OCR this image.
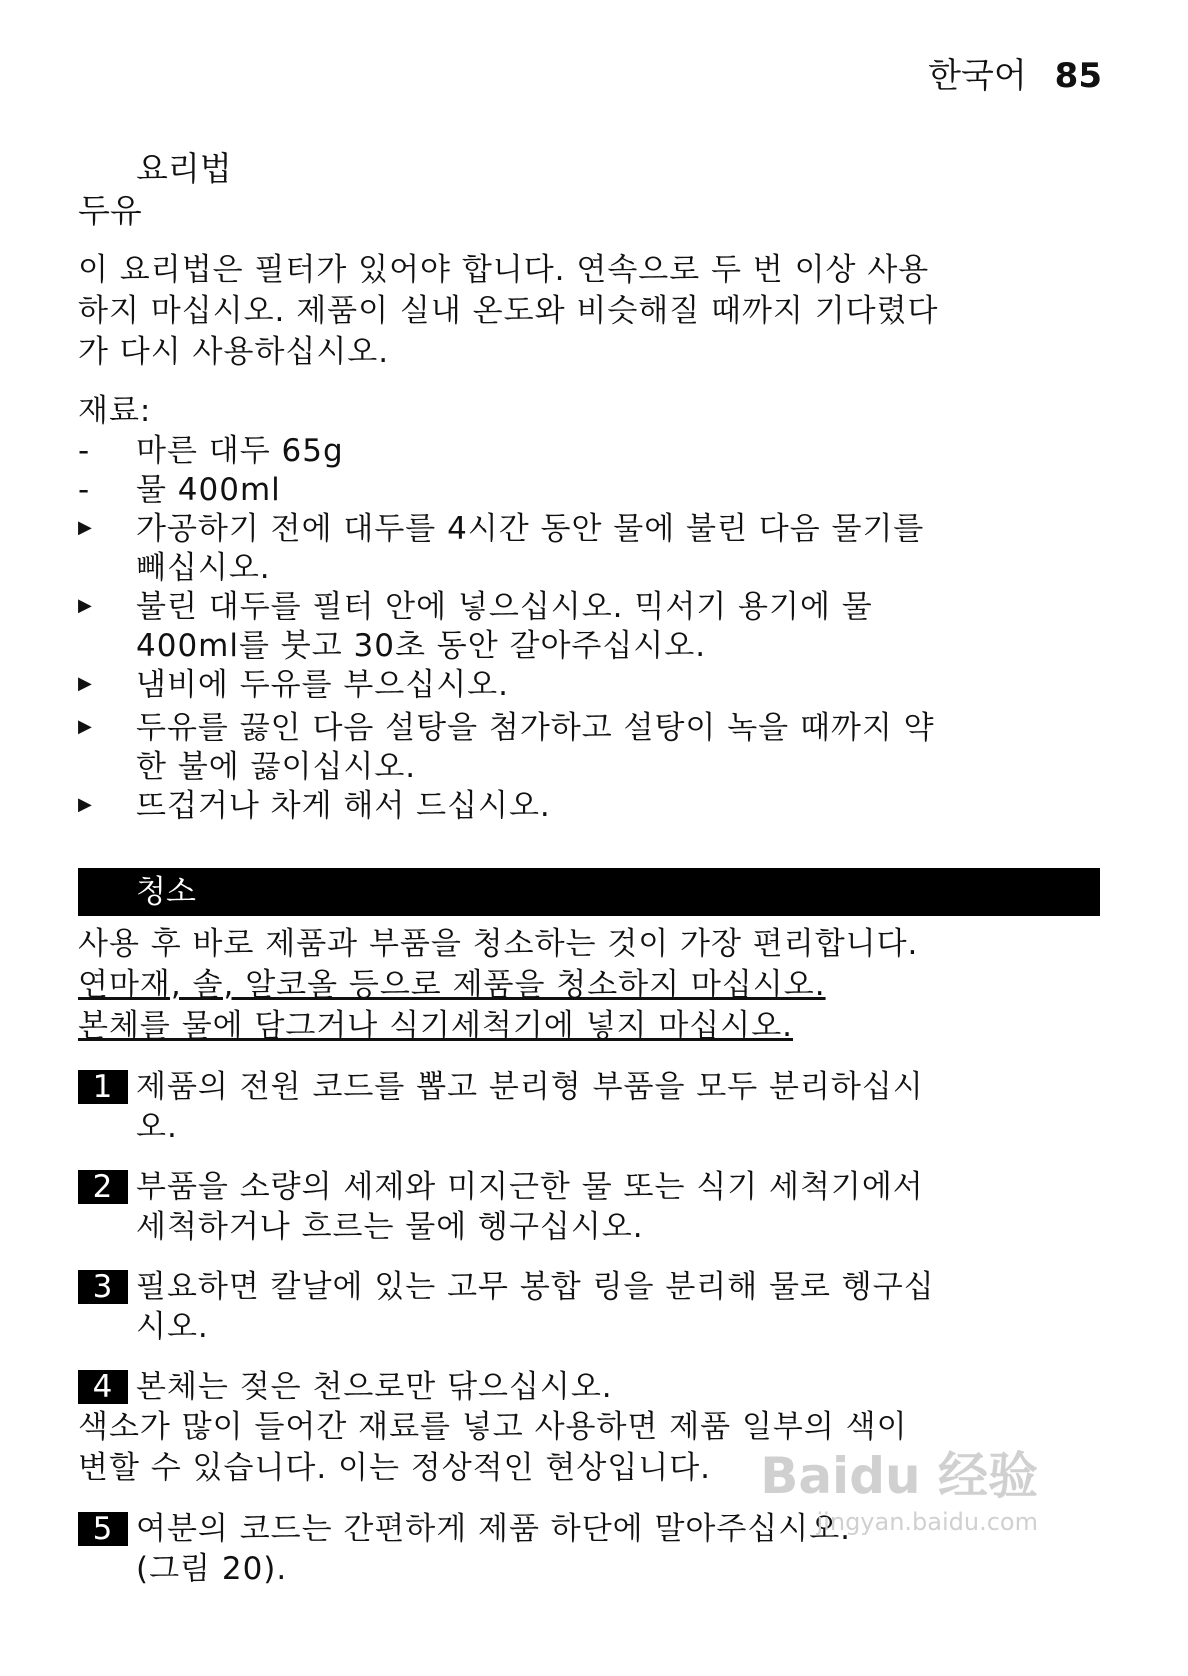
한국어 85
요리법
두유

이 요리법은 필터가 있어야 합니다. 연속으로 두 번 이상 사용

하지 마십시오. 제품이 실내 온도와 비슷해질 때까지 기다렸다

가 다시 사용하십시오.

재료:

-	마른 대두 65g
-	물 400ml
▶	가공하기 전에 대두를 4시간 동안 물에 불린 다음 물기를
빼십시오.
▶	불린 대두를 필터 안에 넣으십시오. 믹서기 용기에 물
400ml를 붓고 30초 동안 갈아주십시오.
▶	냄비에 두유를 부으십시오.
▶	두유를 끓인 다음 설탕을 첨가하고 설탕이 녹을 때까지 약
한 불에 끓이십시오.
▶	뜨겁거나 차게 해서 드십시오.
청소

사용 후 바로 제품과 부품을 청소하는 것이 가장 편리합니다.

연마재, 솔, 알코올 등으로 제품을 청소하지 마십시오.

본체를 물에 담그거나 식기세척기에 넣지 마십시오.

1 제품의 전원 코드를 뽑고 분리형 부품을 모두 분리하십시
오.
2 부품을 소량의 세제와 미지근한 물 또는 식기 세척기에서
세척하거나 흐르는 물에 헹구십시오.
3 필요하면 칼날에 있는 고무 봉합 링을 분리해 물로 헹구십
시오.
4 본체는 젖은 천으로만 닦으십시오.

색소가 많이 들어간 재료를 넣고 사용하면 제품 일부의 색이

변할 수 있습니다. 이는 정상적인 현상입니다.

5 여분의 코드는 간편하게 제품 하단에 말아주십시오.
(그림 20).
Baidu 经验
jingyan.baidu.com
